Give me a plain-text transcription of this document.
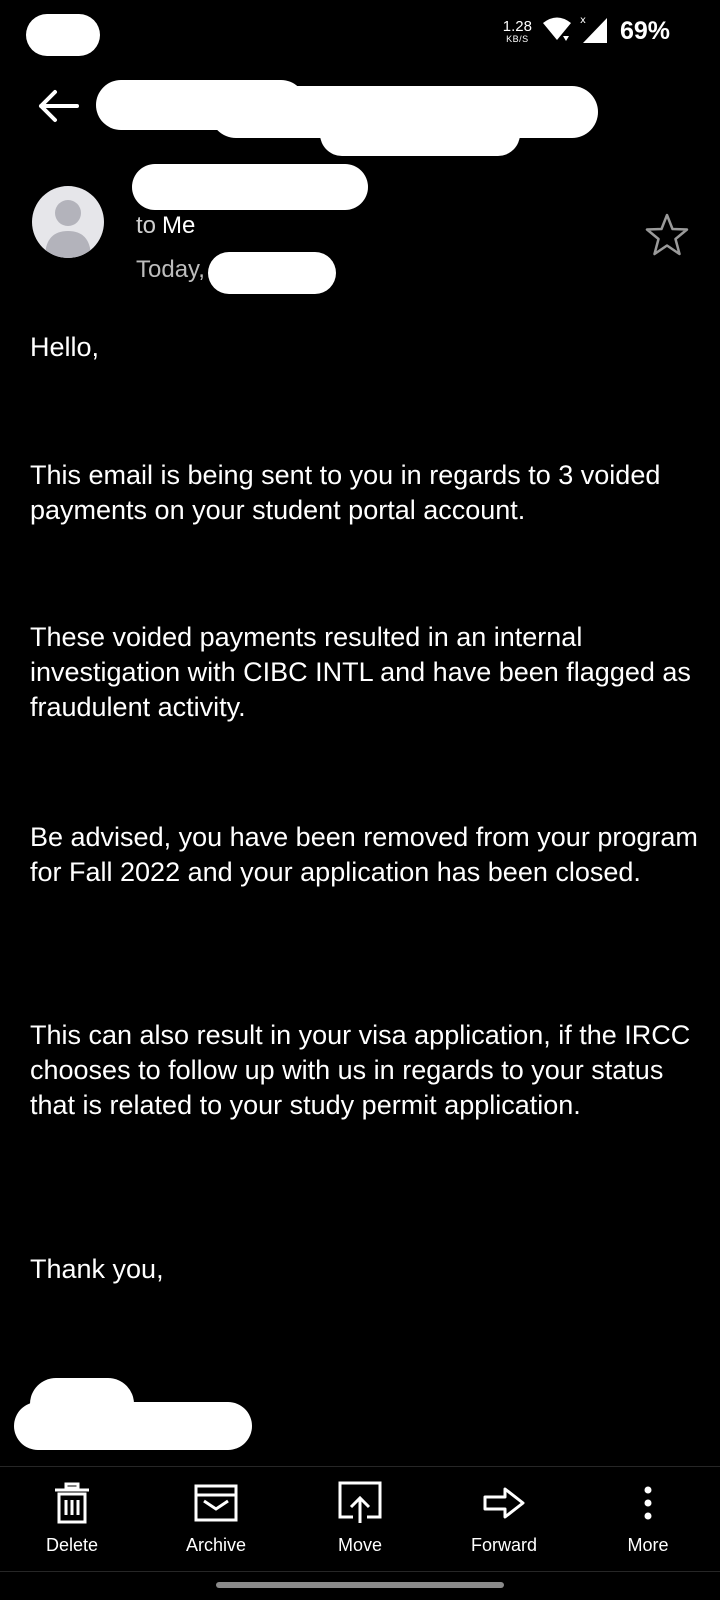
1.28
KB/S
x 69%
to Me
Today,

Hello,

This email is being sent to you in regards to 3 voided payments on your student portal account.

These voided payments resulted in an internal investigation with CIBC INTL and have been flagged as fraudulent activity.

Be advised, you have been removed from your program for Fall 2022 and your application has been closed.

This can also result in your visa application, if the IRCC chooses to follow up with us in regards to your status that is related to your study permit application.

Thank you,

Delete	Archive	Move	Forward	More
